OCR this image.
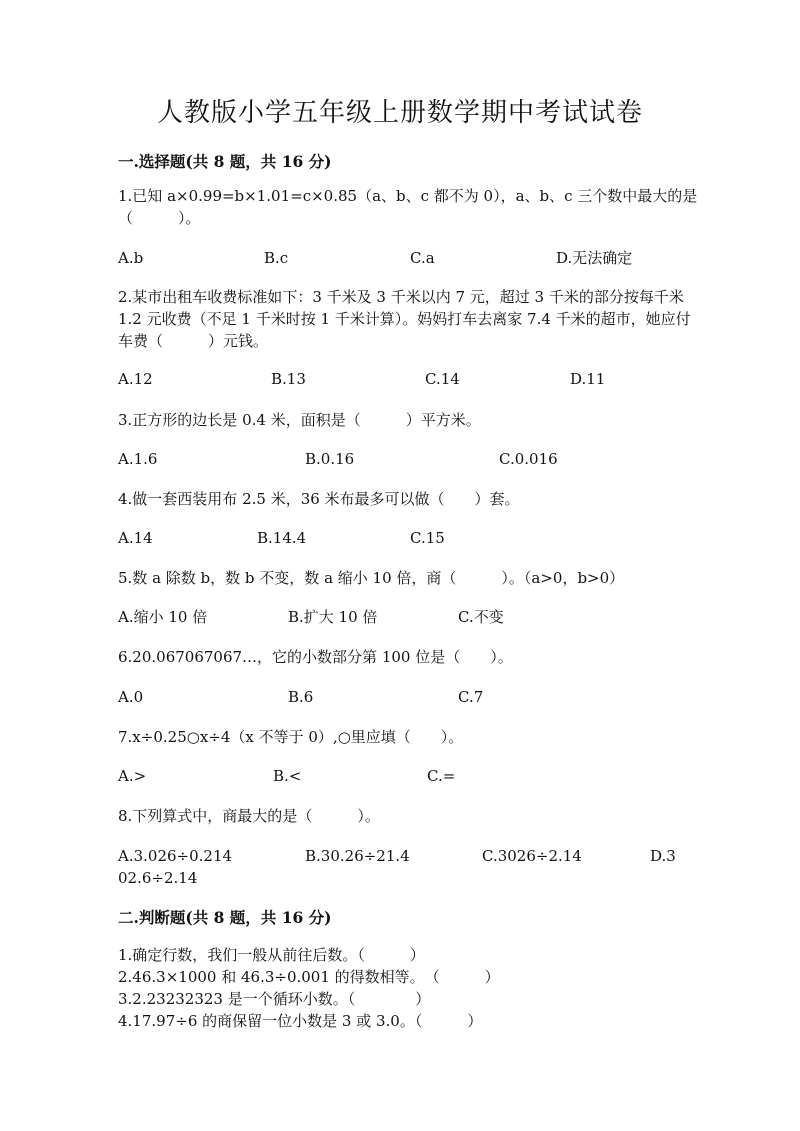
人教版小学五年级上册数学期中考试试卷
一.选择题(共 8 题，共 16 分)
1.已知 a×0.99=b×1.01=c×0.85（a、b、c 都不为 0），a、b、c 三个数中最大的是（　　　）。
A.b	B.c	C.a	D.无法确定
2.某市出租车收费标准如下：3 千米及 3 千米以内 7 元，超过 3 千米的部分按每千米 1.2 元收费（不足 1 千米时按 1 千米计算）。妈妈打车去离家 7.4 千米的超市，她应付车费（　　　）元钱。
A.12	B.13	C.14	D.11
3.正方形的边长是 0.4 米，面积是（　　　）平方米。
A.1.6	B.0.16	C.0.016
4.做一套西装用布 2.5 米，36 米布最多可以做（　　）套。
A.14	B.14.4	C.15
5.数 a 除数 b，数 b 不变，数 a 缩小 10 倍，商（　　　）。（a>0，b>0）
A.缩小 10 倍	B.扩大 10 倍	C.不变
6.20.067067067…，它的小数部分第 100 位是（　　）。
A.0	B.6	C.7
7.x÷0.25○x÷4（x 不等于 0）,○里应填（　　）。
A.>	B.<	C.=
8.下列算式中，商最大的是（　　　）。
A.3.026÷0.214	B.30.26÷21.4	C.3026÷2.14	D.3
02.6÷2.14
二.判断题(共 8 题，共 16 分)
1.确定行数，我们一般从前往后数。（　　　）
2.46.3×1000 和 46.3÷0.001 的得数相等。　（　　　）
3.2.23232323 是一个循环小数。（　　　　）
4.17.97÷6 的商保留一位小数是 3 或 3.0。（　　　）
